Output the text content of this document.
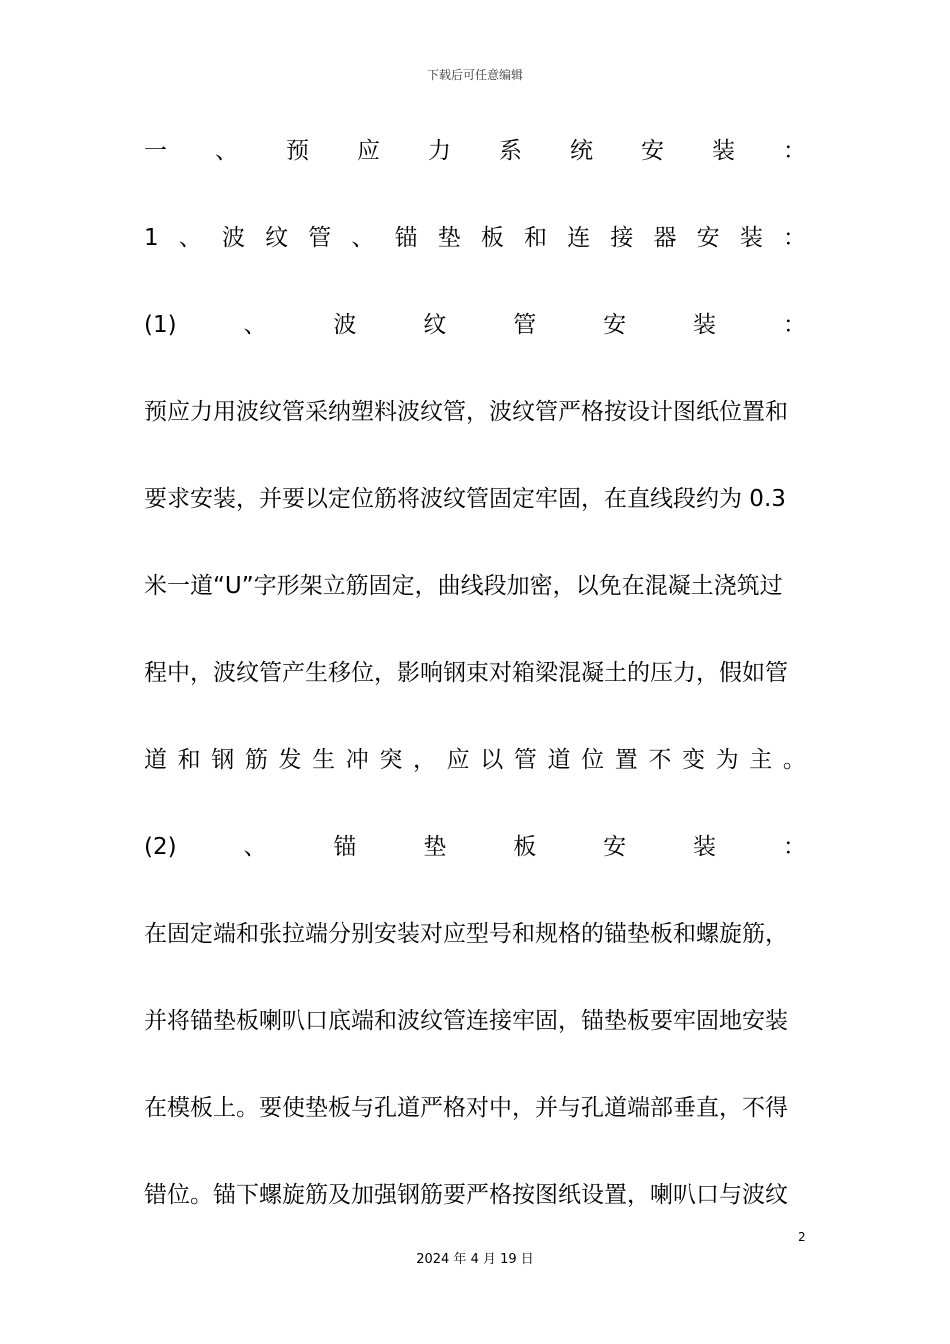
下载后可任意编辑
一 、 预 应 力 系 统 安 装 ：
1 、 波 纹 管 、 锚 垫 板 和 连 接 器 安 装 ：
(1)	、	波	纹	管	安	装	：
预应力用波纹管采纳塑料波纹管，波纹管严格按设计图纸位置和
要求安装，并要以定位筋将波纹管固定牢固，在直线段约为 0.3
米一道“U”字形架立筋固定，曲线段加密，以免在混凝土浇筑过
程中，波纹管产生移位，影响钢束对箱梁混凝土的压力，假如管
道 和 钢 筋 发 生 冲 突 ， 应 以 管 道 位 置 不 变 为 主 。
(2)	、	锚	垫	板	安	装	：
在固定端和张拉端分别安装对应型号和规格的锚垫板和螺旋筋，
并将锚垫板喇叭口底端和波纹管连接牢固，锚垫板要牢固地安装
在模板上。要使垫板与孔道严格对中，并与孔道端部垂直，不得
错位。锚下螺旋筋及加强钢筋要严格按图纸设置，喇叭口与波纹
2
2024 年 4 月 19 日
